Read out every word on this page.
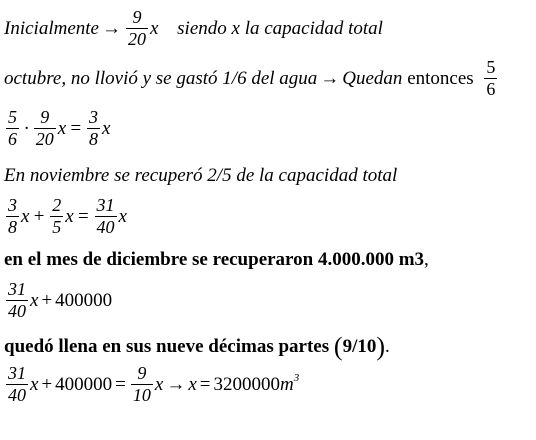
Inicialmente → $\frac{9}{20}$ x siendo x la capacidad total
octubre, no llovió y se gastó 1/6 del agua → Quedan entonces $\frac{5}{6}$
$\frac{5}{6} \cdot \frac{9}{20}$ $x = \frac{3}{8}$ x
En noviembre se recuperó 2/5 de la capacidad total
$\frac{3}{8}$ $x + \frac{2}{5}$ $x = \frac{31}{40}$ x
en el mes de diciembre se recuperaron 4.000.000 m3,
$\frac{31}{40}$ x + 400000
quedó llena en sus nueve décimas partes (9/10).
$\frac{31}{40}$ $x + 400000 = \frac{9}{10}$ $x \to x = 3200000m^3$
